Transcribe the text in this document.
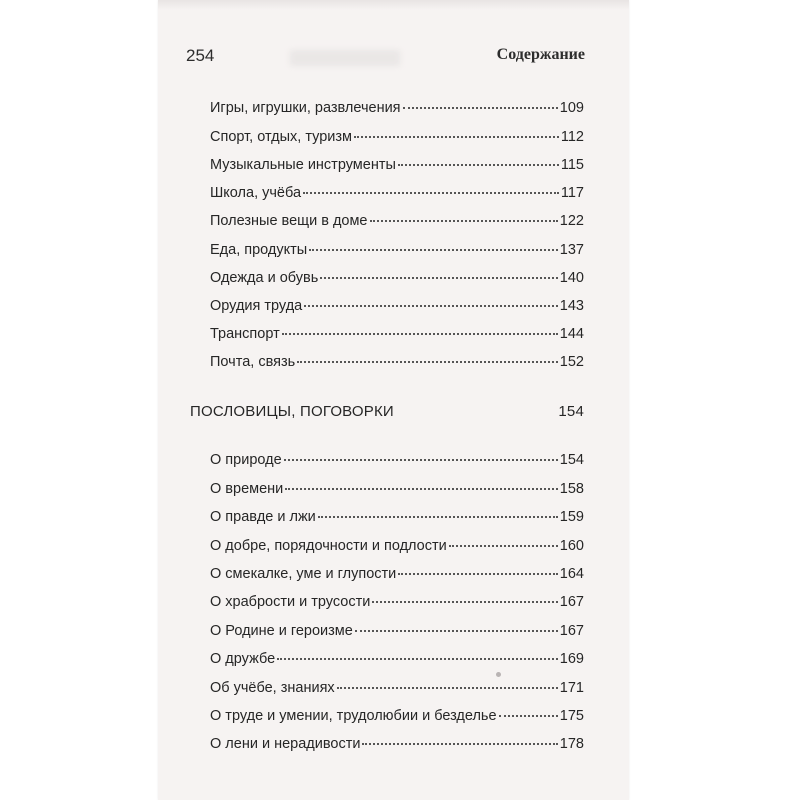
254	Содержание
Игры, игрушки, развлечения	109
Спорт, отдых, туризм	112
Музыкальные инструменты	115
Школа, учёба	117
Полезные вещи в доме	122
Еда, продукты	137
Одежда и обувь	140
Орудия труда	143
Транспорт	144
Почта, связь	152
ПОСЛОВИЦЫ, ПОГОВОРКИ	154
О природе	154
О времени	158
О правде и лжи	159
О добре, порядочности и подлости	160
О смекалке, уме и глупости	164
О храбрости и трусости	167
О Родине и героизме	167
О дружбе	169
Об учёбе, знаниях	171
О труде и умении, трудолюбии и безделье	175
О лени и нерадивости	178
